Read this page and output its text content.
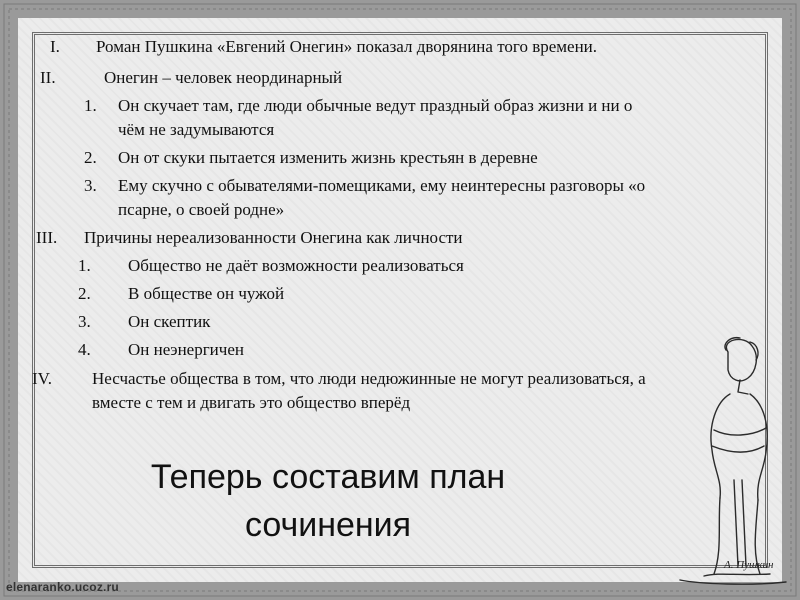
I. Роман Пушкина «Евгений Онегин» показал дворянина того времени.
II.	Онегин – человек неординарный
1. Он скучает там, где люди обычные ведут праздный образ жизни и ни о
чём не задумываются
2. Он от скуки пытается изменить жизнь крестьян в деревне
3. Ему скучно с обывателями-помещиками, ему неинтересны разговоры «о
псарне, о своей родне»
III. Причины нереализованности Онегина как личности
1. Общество не даёт возможности реализоваться
2. В обществе он чужой
3. Он скептик
4. Он неэнергичен
IV. Несчастье общества в том, что люди недюжинные не могут реализоваться, а
вместе с тем и двигать это общество вперёд
Теперь составим план
сочинения
А. Пушкин
elenaranko.ucoz.ru
